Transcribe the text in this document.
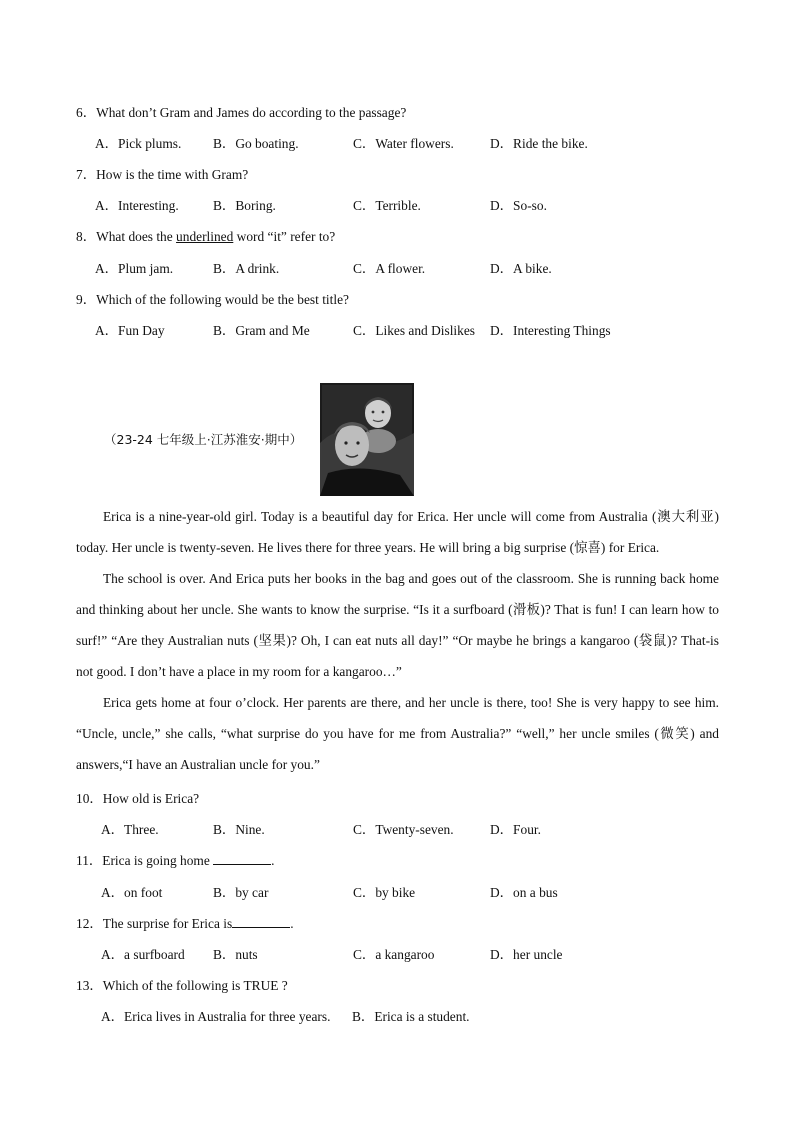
6．What don’t Gram and James do according to the passage?
A．Pick plums. B．Go boating.	C．Water flowers.	D．Ride the bike.
7．How is the time with Gram?
A．Interesting.	B．Boring.	C．Terrible.	D．So-so.
8．What does the underlined word “it” refer to?
A．Plum jam.	B．A drink.	C．A flower.	D．A bike.
9．Which of the following would be the best title?
A．Fun Day	B．Gram and Me	C．Likes and Dislikes D．Interesting Things
（23-24 七年级上·江苏淮安·期中）

Erica is a nine-year-old girl. Today is a beautiful day for Erica. Her uncle will come from Australia (澳大利亚) today. Her uncle is twenty-seven. He lives there for three years. He will bring a big surprise (惊喜) for Erica.

The school is over. And Erica puts her books in the bag and goes out of the classroom. She is running back home and thinking about her uncle. She wants to know the surprise. “Is it a surfboard (滑板)? That is fun! I can learn how to surf!” “Are they Australian nuts (坚果)? Oh, I can eat nuts all day!” “Or maybe he brings a kangaroo (袋鼠)? That-is not good. I don’t have a place in my room for a kangaroo…”

Erica gets home at four o’clock. Her parents are there, and her uncle is there, too! She is very happy to see him. “Uncle, uncle,” she calls, “what surprise do you have for me from Australia?” “well,” her uncle smiles (微笑) and answers,“I have an Australian uncle for you.”

10．How old is Erica?
A．Three.	B．Nine.	C．Twenty-seven.	D．Four.
11．Erica is going home	.
A．on foot	B．by car	C．by bike	D．on a bus
12．The surprise for Erica is	.
A．a surfboard B．nuts	C．a kangaroo	D．her uncle
13．Which of the following is TRUE ?
A．Erica lives in Australia for three years. B．Erica is a student.
